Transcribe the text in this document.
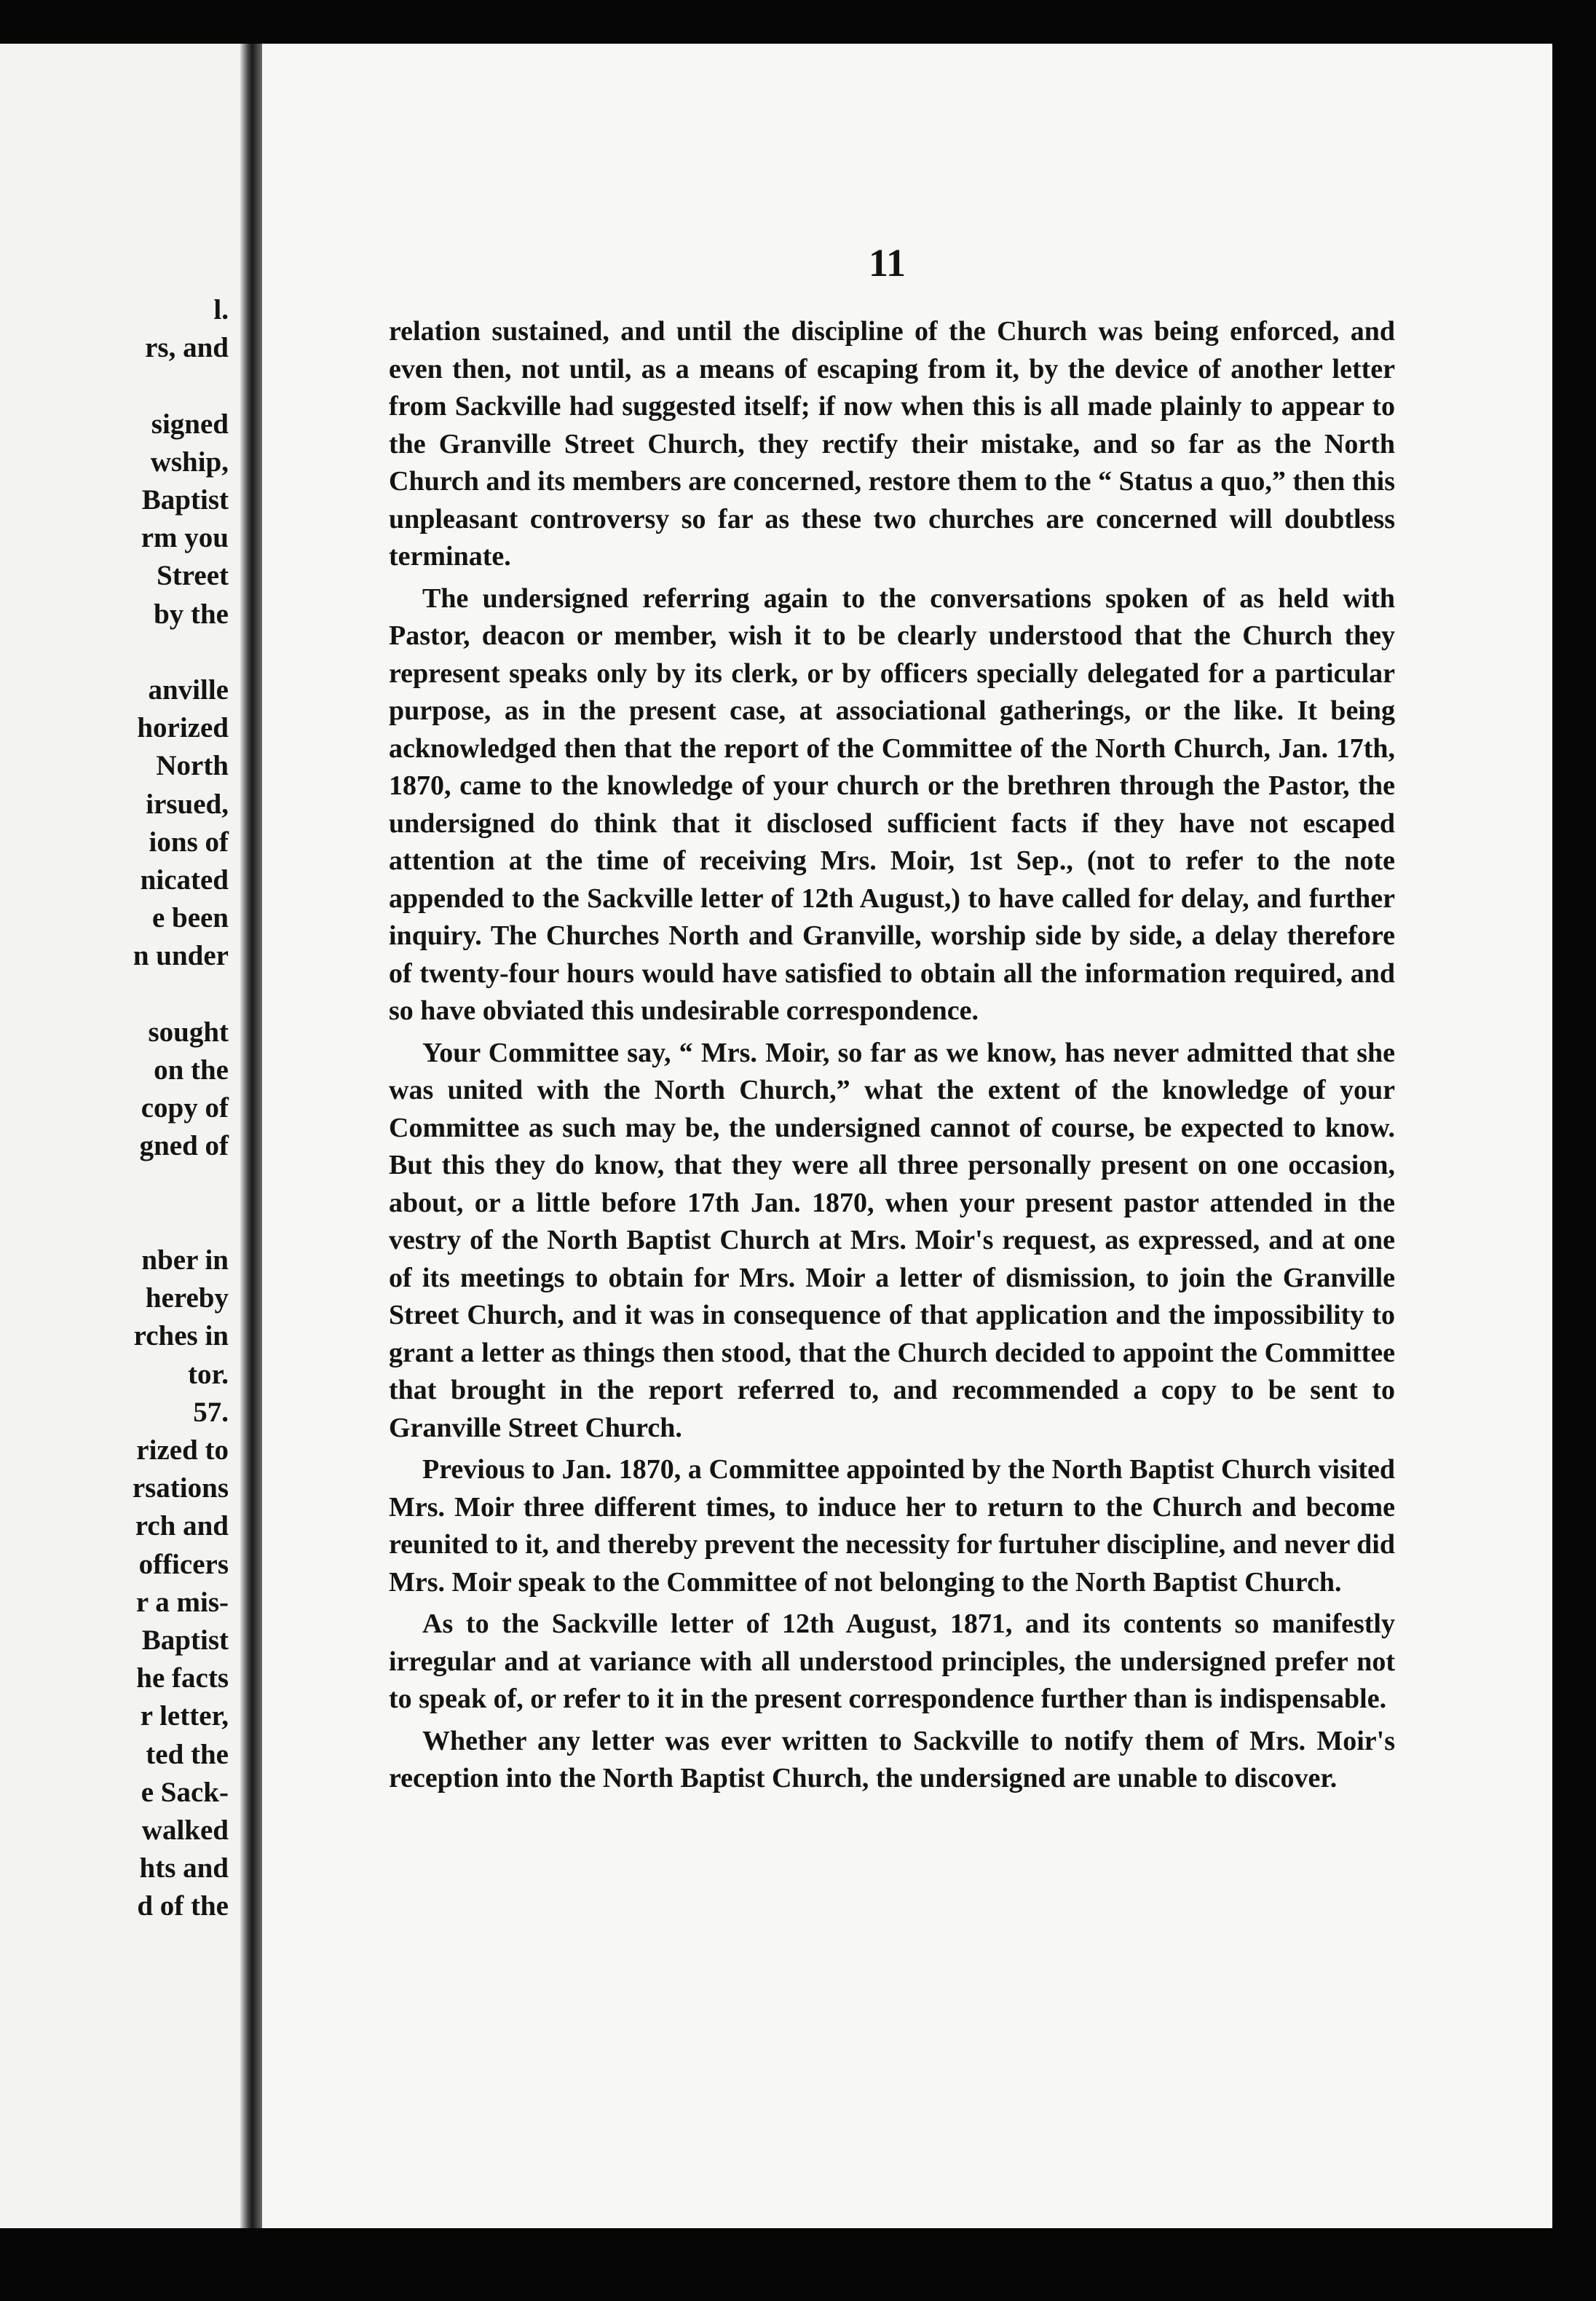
l.
rs, and
signed
wship,
Baptist
rm you
Street
by the
anville
horized
North
irsued,
ions of
nicated
e been
n under
sought
on the
copy of
gned of
nber in
hereby
rches in
tor.
57.
rized to
rsations
rch and
officers
r a mis-
Baptist
he facts
r letter,
ted the
e Sack-
walked
hts and
d of the
11

relation sustained, and until the discipline of the Church was being enforced, and even then, not until, as a means of escaping from it, by the device of another letter from Sackville had suggested itself; if now when this is all made plainly to appear to the Granville Street Church, they rectify their mistake, and so far as the North Church and its members are concerned, restore them to the “ Status a quo,” then this unpleasant controversy so far as these two churches are concerned will doubtless terminate.

The undersigned referring again to the conversations spoken of as held with Pastor, deacon or member, wish it to be clearly understood that the Church they represent speaks only by its clerk, or by officers specially delegated for a particular purpose, as in the present case, at associational gatherings, or the like. It being acknowledged then that the report of the Committee of the North Church, Jan. 17th, 1870, came to the knowledge of your church or the brethren through the Pastor, the undersigned do think that it disclosed sufficient facts if they have not escaped attention at the time of receiving Mrs. Moir, 1st Sep., (not to refer to the note appended to the Sackville letter of 12th August,) to have called for delay, and further inquiry. The Churches North and Granville, worship side by side, a delay therefore of twenty-four hours would have satisfied to obtain all the information required, and so have obviated this undesirable correspondence.

Your Committee say, “ Mrs. Moir, so far as we know, has never admitted that she was united with the North Church,” what the extent of the knowledge of your Committee as such may be, the undersigned cannot of course, be expected to know. But this they do know, that they were all three personally present on one occasion, about, or a little before 17th Jan. 1870, when your present pastor attended in the vestry of the North Baptist Church at Mrs. Moir's request, as expressed, and at one of its meetings to obtain for Mrs. Moir a letter of dismission, to join the Granville Street Church, and it was in consequence of that application and the impossibility to grant a letter as things then stood, that the Church decided to appoint the Committee that brought in the report referred to, and recommended a copy to be sent to Granville Street Church.

Previous to Jan. 1870, a Committee appointed by the North Baptist Church visited Mrs. Moir three different times, to induce her to return to the Church and become reunited to it, and thereby prevent the necessity for furtuher discipline, and never did Mrs. Moir speak to the Committee of not belonging to the North Baptist Church.

As to the Sackville letter of 12th August, 1871, and its contents so manifestly irregular and at variance with all understood principles, the undersigned prefer not to speak of, or refer to it in the present correspondence further than is indispensable.

Whether any letter was ever written to Sackville to notify them of Mrs. Moir's reception into the North Baptist Church, the undersigned are unable to discover.
